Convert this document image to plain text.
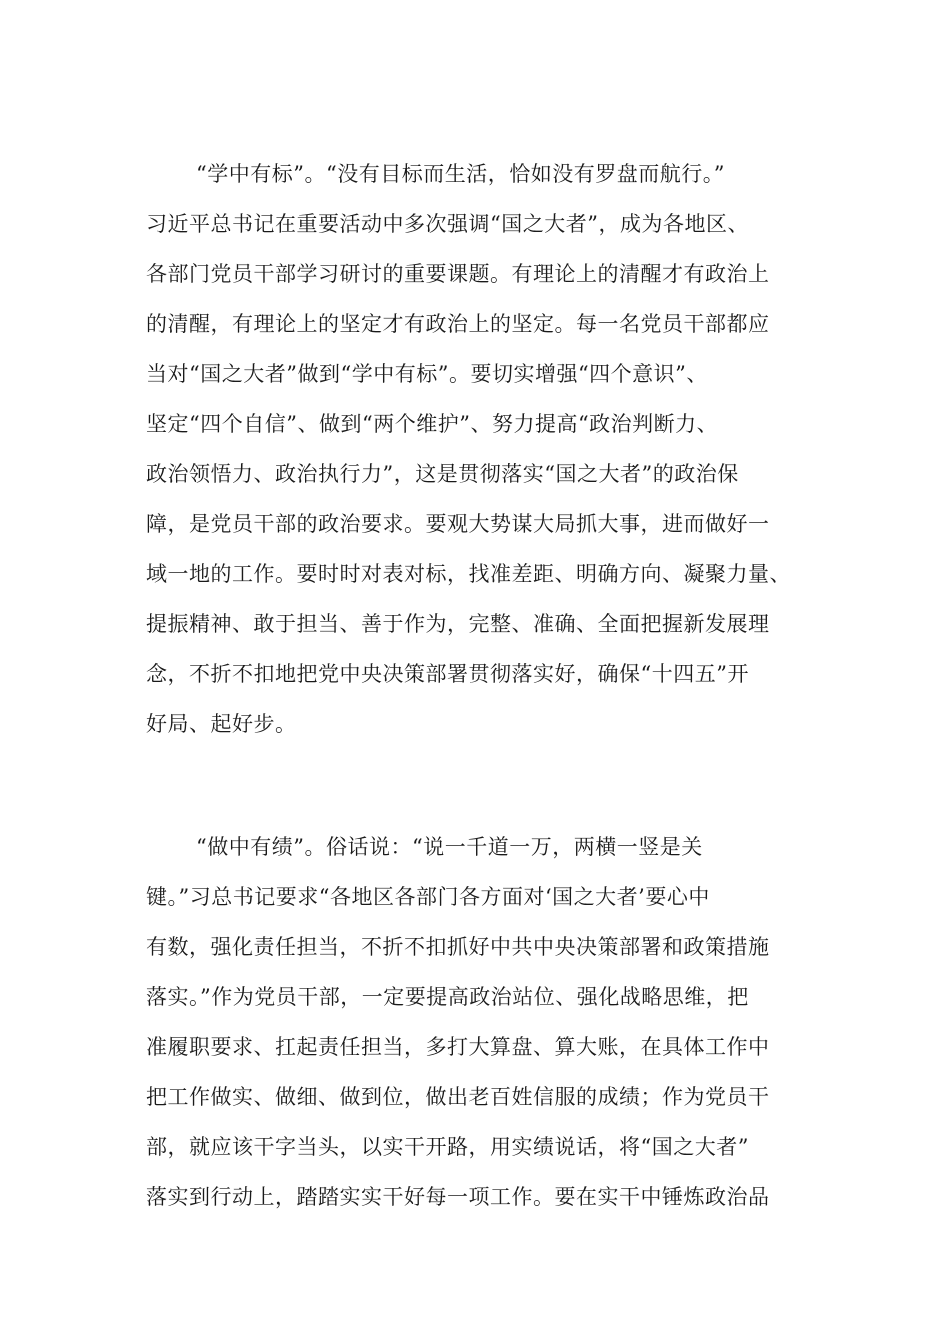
“学中有标”。“没有目标而生活，恰如没有罗盘而航行。”
习近平总书记在重要活动中多次强调“国之大者”，成为各地区、
各部门党员干部学习研讨的重要课题。有理论上的清醒才有政治上
的清醒，有理论上的坚定才有政治上的坚定。每一名党员干部都应
当对“国之大者”做到“学中有标”。要切实增强“四个意识”、
坚定“四个自信”、做到“两个维护”、努力提高“政治判断力、
政治领悟力、政治执行力”，这是贯彻落实“国之大者”的政治保
障，是党员干部的政治要求。要观大势谋大局抓大事，进而做好一
域一地的工作。要时时对表对标，找准差距、明确方向、凝聚力量、
提振精神、敢于担当、善于作为，完整、准确、全面把握新发展理
念，不折不扣地把党中央决策部署贯彻落实好，确保“十四五”开
好局、起好步。
“做中有绩”。俗话说：“说一千道一万，两横一竖是关
键。”习总书记要求“各地区各部门各方面对‘国之大者’要心中
有数，强化责任担当，不折不扣抓好中共中央决策部署和政策措施
落实。”作为党员干部，一定要提高政治站位、强化战略思维，把
准履职要求、扛起责任担当，多打大算盘、算大账，在具体工作中
把工作做实、做细、做到位，做出老百姓信服的成绩；作为党员干
部，就应该干字当头，以实干开路，用实绩说话，将“国之大者”
落实到行动上，踏踏实实干好每一项工作。要在实干中锤炼政治品
